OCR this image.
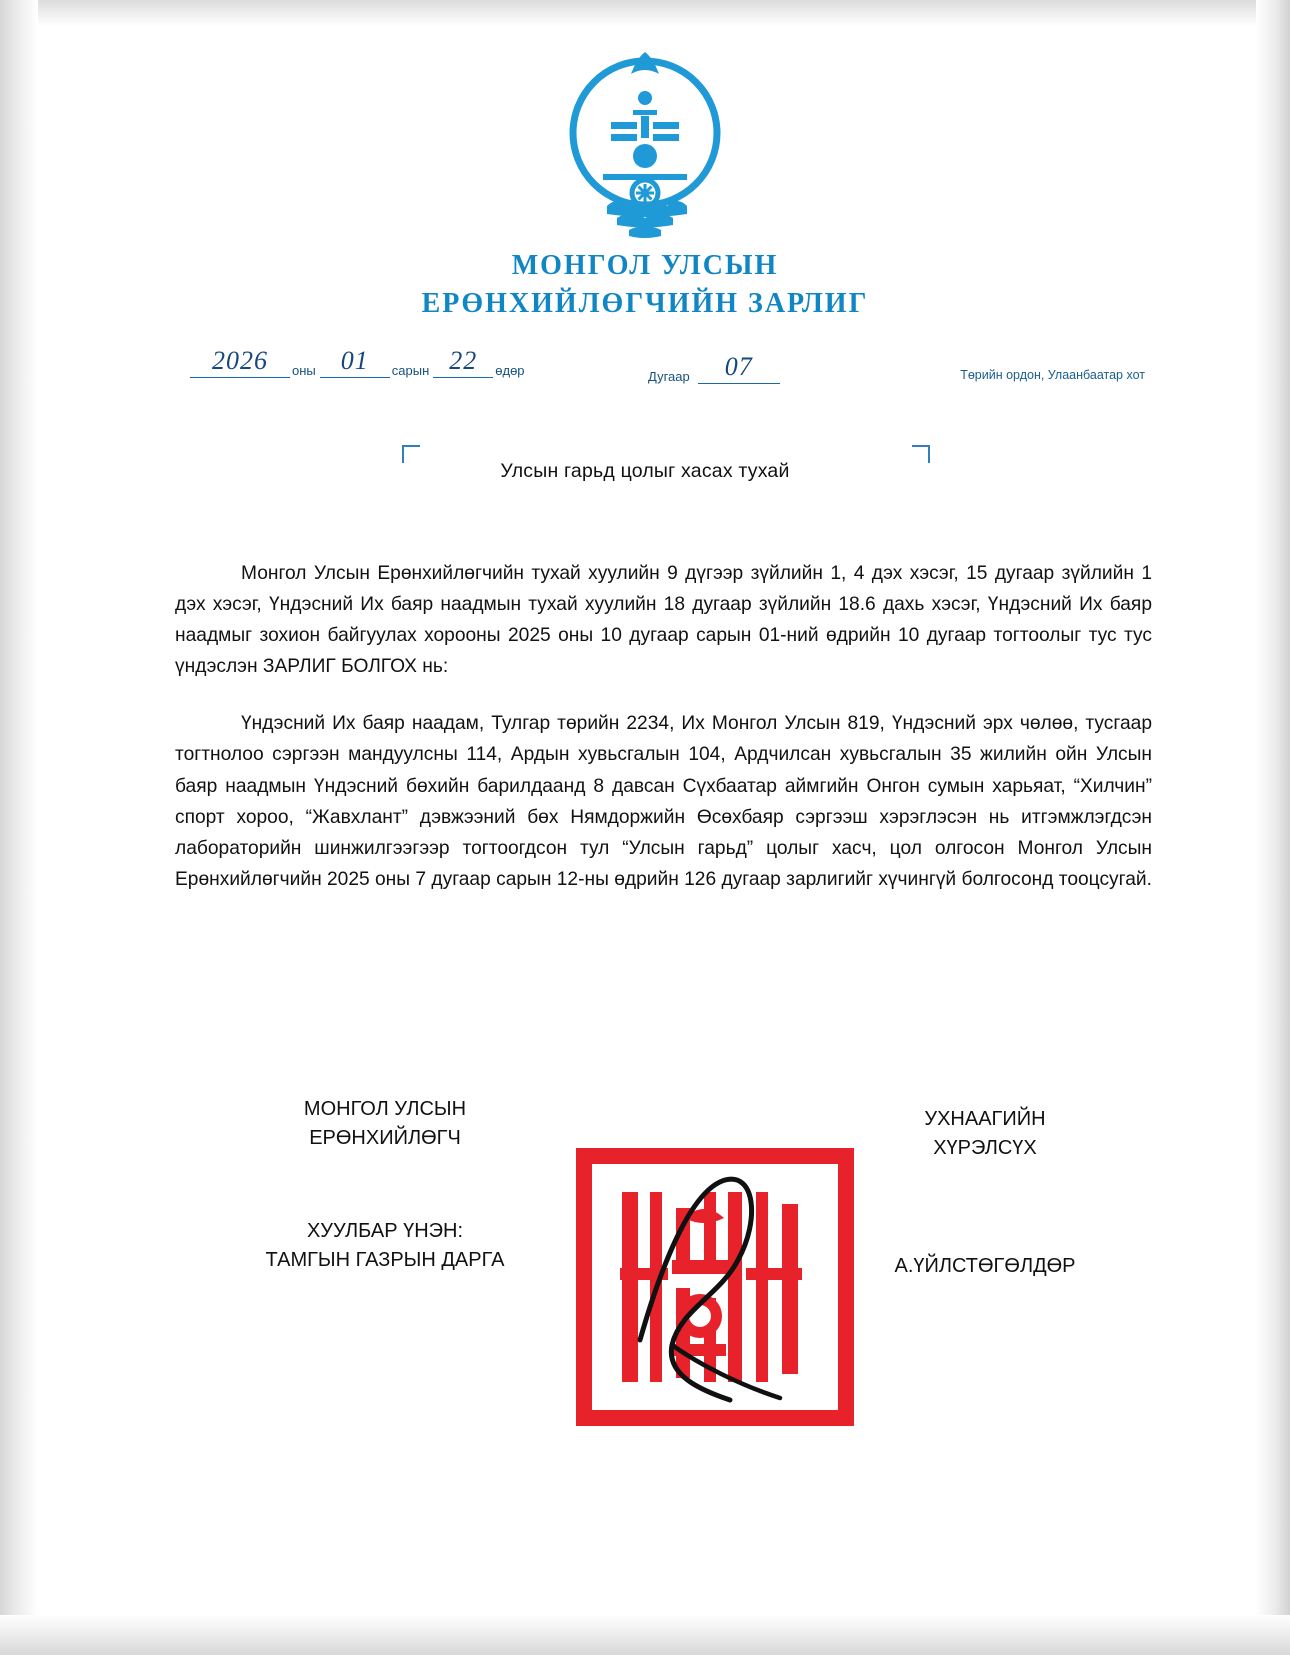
МОНГОЛ УЛСЫН
ЕРӨНХИЙЛӨГЧИЙН ЗАРЛИГ
2026	оны 01	сарын 22	өдөр	Дугаар	07	Төрийн ордон, Улаанбаатар хот
Улсын гарьд цолыг хасах тухай

Монгол Улсын Ерөнхийлөгчийн тухай хуулийн 9 дүгээр зүйлийн 1, 4 дэх хэсэг, 15 дугаар зүйлийн 1 дэх хэсэг, Үндэсний Их баяр наадмын тухай хуулийн 18 дугаар зүйлийн 18.6 дахь хэсэг, Үндэсний Их баяр наадмыг зохион байгуулах хорооны 2025 оны 10 дугаар сарын 01-ний өдрийн 10 дугаар тогтоолыг тус тус үндэслэн ЗАРЛИГ БОЛГОХ нь:

Үндэсний Их баяр наадам, Тулгар төрийн 2234, Их Монгол Улсын 819, Үндэсний эрх чөлөө, тусгаар тогтнолоо сэргээн мандуулсны 114, Ардын хувьсгалын 104, Ардчилсан хувьсгалын 35 жилийн ойн Улсын баяр наадмын Үндэсний бөхийн барилдаанд 8 давсан Сүхбаатар аймгийн Онгон сумын харьяат, “Хилчин” спорт хороо, “Жавхлант” дэвжээний бөх Нямдоржийн Өсөхбаяр сэргээш хэрэглэсэн нь итгэмжлэгдсэн лабораторийн шинжилгээгээр тогтоогдсон тул “Улсын гарьд” цолыг хасч, цол олгосон Монгол Улсын Ерөнхийлөгчийн 2025 оны 7 дугаар сарын 12-ны өдрийн 126 дугаар зарлигийг хүчингүй болгосонд тооцсугай.

МОНГОЛ УЛСЫН
ЕРӨНХИЙЛӨГЧ
УХНААГИЙН
ХҮРЭЛСҮХ
ХУУЛБАР ҮНЭН:
ТАМГЫН ГАЗРЫН ДАРГА	А.ҮЙЛСТӨГӨЛДӨР
